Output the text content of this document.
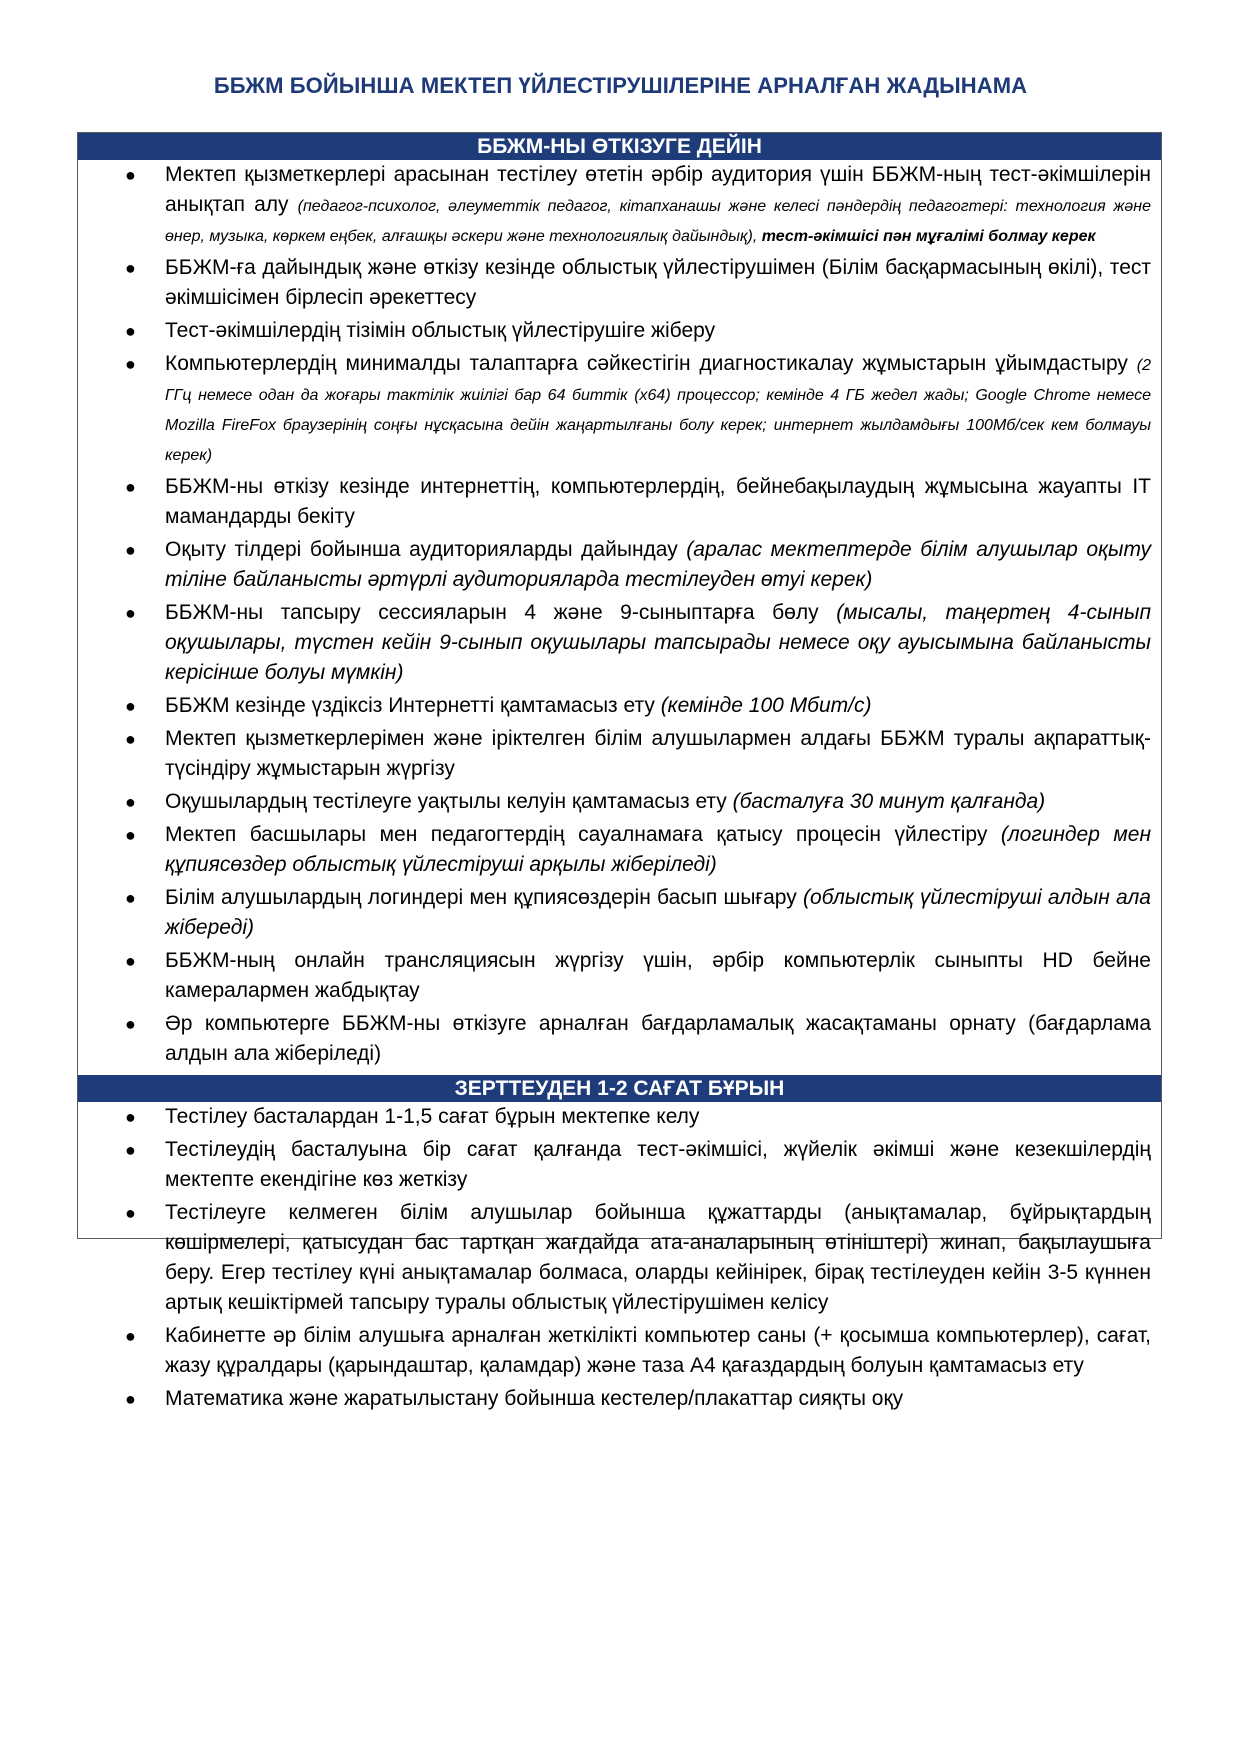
ББЖМ БОЙЫНША МЕКТЕП ҮЙЛЕСТІРУШІЛЕРІНЕ АРНАЛҒАН ЖАДЫНАМА
ББЖМ-НЫ ӨТКІЗУГЕ ДЕЙІН
● Мектеп қызметкерлері арасынан тестілеу өтетін әрбір аудитория үшін ББЖМ-ның тест-әкімшілерін анықтап алу (педагог-психолог, әлеуметтік педагог, кітапханашы және келесі пәндердің педагогтері: технология және өнер, музыка, көркем еңбек, алғашқы әскери және технологиялық дайындық), тест-әкімшісі пән мұғалімі болмау керек
● ББЖМ-ға дайындық және өткізу кезінде облыстық үйлестірушімен (Білім басқармасының өкілі), тест әкімшісімен бірлесіп әрекеттесу
● Тест-әкімшілердің тізімін облыстық үйлестірушіге жіберу
● Компьютерлердің минималды талаптарға сәйкестігін диагностикалау жұмыстарын ұйымдастыру (2 ГГц немесе одан да жоғары тактілік жиілігі бар 64 биттік (x64) процессор; кемінде 4 ГБ жедел жады; Google Chrome немесе Mozilla FireFox браузерінің соңғы нұсқасына дейін жаңартылғаны болу керек; интернет жылдамдығы 100Мб/сек кем болмауы керек)
● ББЖМ-ны өткізу кезінде интернеттің, компьютерлердің, бейнебақылаудың жұмысына жауапты IT мамандарды бекіту
● Оқыту тілдері бойынша аудиторияларды дайындау (аралас мектептерде білім алушылар оқыту тіліне байланысты әртүрлі аудиторияларда тестілеуден өтуі керек)
● ББЖМ-ны тапсыру сессияларын 4 және 9-сыныптарға бөлу (мысалы, таңертең 4-сынып оқушылары, түстен кейін 9-сынып оқушылары тапсырады немесе оқу ауысымына байланысты керісінше болуы мүмкін)
● ББЖМ кезінде үздіксіз Интернетті қамтамасыз ету (кемінде 100 Мбит/с)
● Мектеп қызметкерлерімен және іріктелген білім алушылармен алдағы ББЖМ туралы ақпараттық-түсіндіру жұмыстарын жүргізу
● Оқушылардың тестілеуге уақтылы келуін қамтамасыз ету (басталуға 30 минут қалғанда)
● Мектеп басшылары мен педагогтердің сауалнамаға қатысу процесін үйлестіру (логиндер мен құпиясөздер облыстық үйлестіруші арқылы жіберіледі)
● Білім алушылардың логиндері мен құпиясөздерін басып шығару (облыстық үйлестіруші алдын ала жібереді)
● ББЖМ-ның онлайн трансляциясын жүргізу үшін, әрбір компьютерлік сыныпты HD бейне камералармен жабдықтау
● Әр компьютерге ББЖМ-ны өткізуге арналған бағдарламалық жасақтаманы орнату (бағдарлама алдын ала жіберіледі)
ЗЕРТТЕУДЕН 1-2 САҒАТ БҰРЫН
● Тестілеу басталардан 1-1,5 сағат бұрын мектепке келу
● Тестілеудің басталуына бір сағат қалғанда тест-әкімшісі, жүйелік әкімші және кезекшілердің мектепте екендігіне көз жеткізу
● Тестілеуге келмеген білім алушылар бойынша құжаттарды (анықтамалар, бұйрықтардың көшірмелері, қатысудан бас тартқан жағдайда ата-аналарының өтініштері) жинап, бақылаушыға беру. Егер тестілеу күні анықтамалар болмаса, оларды кейінірек, бірақ тестілеуден кейін 3-5 күннен артық кешіктірмей тапсыру туралы облыстық үйлестірушімен келісу
● Кабинетте әр білім алушыға арналған жеткілікті компьютер саны (+ қосымша компьютерлер), сағат, жазу құралдары (қарындаштар, қаламдар) және таза А4 қағаздардың болуын қамтамасыз ету
● Математика және жаратылыстану бойынша кестелер/плакаттар сияқты оқу
